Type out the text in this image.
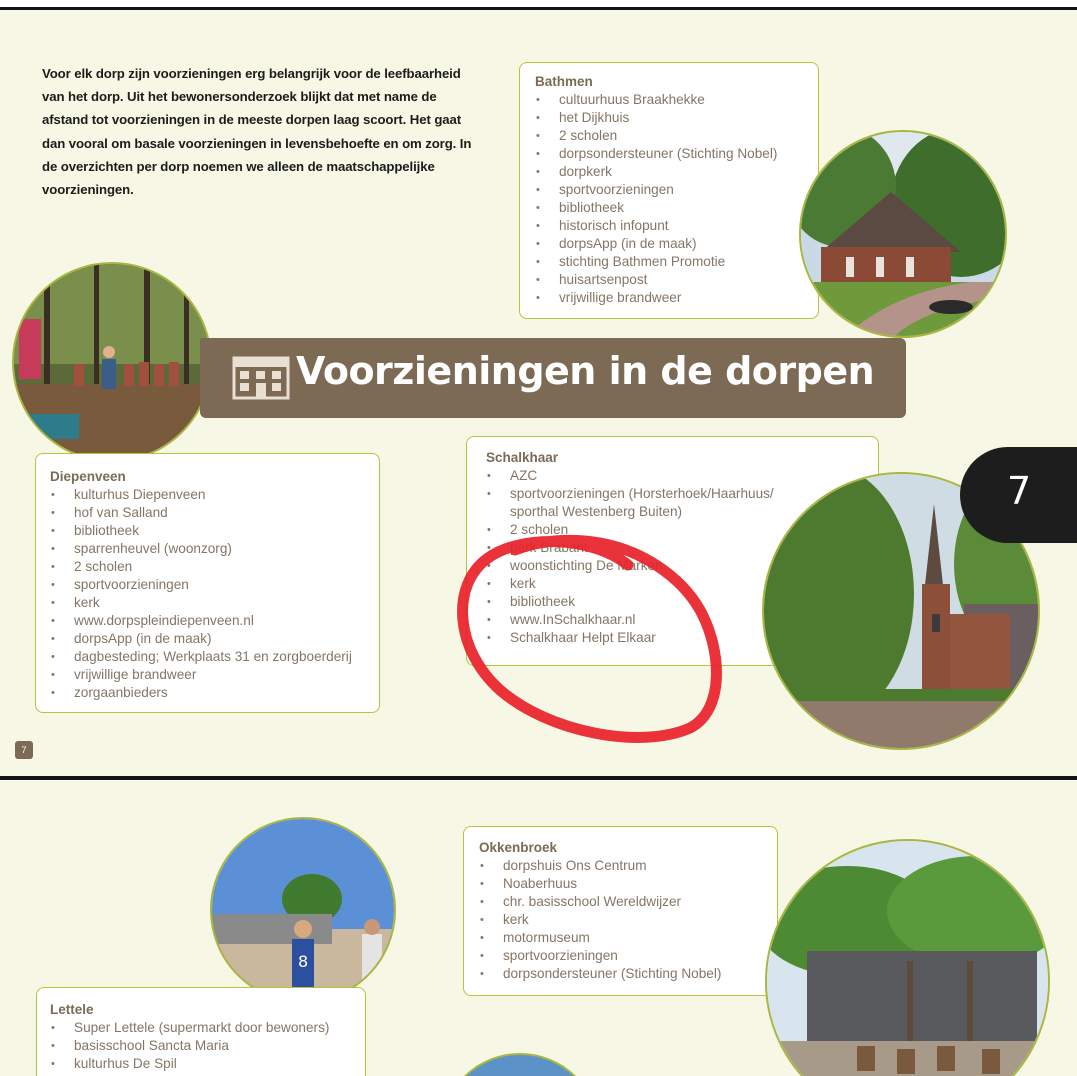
Voor elk dorp zijn voorzieningen erg belangrijk voor de leefbaarheid van het dorp. Uit het bewonersonderzoek blijkt dat met name de afstand tot voorzieningen in de meeste dorpen laag scoort. Het gaat dan vooral om basale voorzieningen in levensbehoefte en om zorg. In de overzichten per dorp noemen we alleen de maatschappelijke voorzieningen.

Bathmen
• cultuurhuus Braakhekke
• het Dijkhuis
• 2 scholen
• dorpsondersteuner (Stichting Nobel)
• dorpkerk
• sportvoorzieningen
• bibliotheek
• historisch infopunt
• dorpsApp (in de maak)
• stichting Bathmen Promotie
• huisartsenpost
• vrijwillige brandweer
Voorzieningen in de dorpen
Diepenveen
• kulturhus Diepenveen
• hof van Salland
• bibliotheek
• sparrenheuvel (woonzorg)
• 2 scholen
• sportvoorzieningen
• kerk
• www.dorpspleindiepenveen.nl
• dorpsApp (in de maak)
• dagbesteding; Werkplaats 31 en zorgboerderij
• vrijwillige brandweer
• zorgaanbieders
Schalkhaar
• AZC
• sportvoorzieningen (Horsterhoek/Haarhuus/ sporthal Westenberg Buiten)
• 2 scholen
• park Brabant
• woonstichting De Marken
• kerk
• bibliotheek
• www.InSchalkhaar.nl
• Schalkhaar Helpt Elkaar
7
7
8
Okkenbroek
• dorpshuis Ons Centrum
• Noaberhuus
• chr. basisschool Wereldwijzer
• kerk
• motormuseum
• sportvoorzieningen
• dorpsondersteuner (Stichting Nobel)
Lettele
• Super Lettele (supermarkt door bewoners)
• basisschool Sancta Maria
• kulturhus De Spil
